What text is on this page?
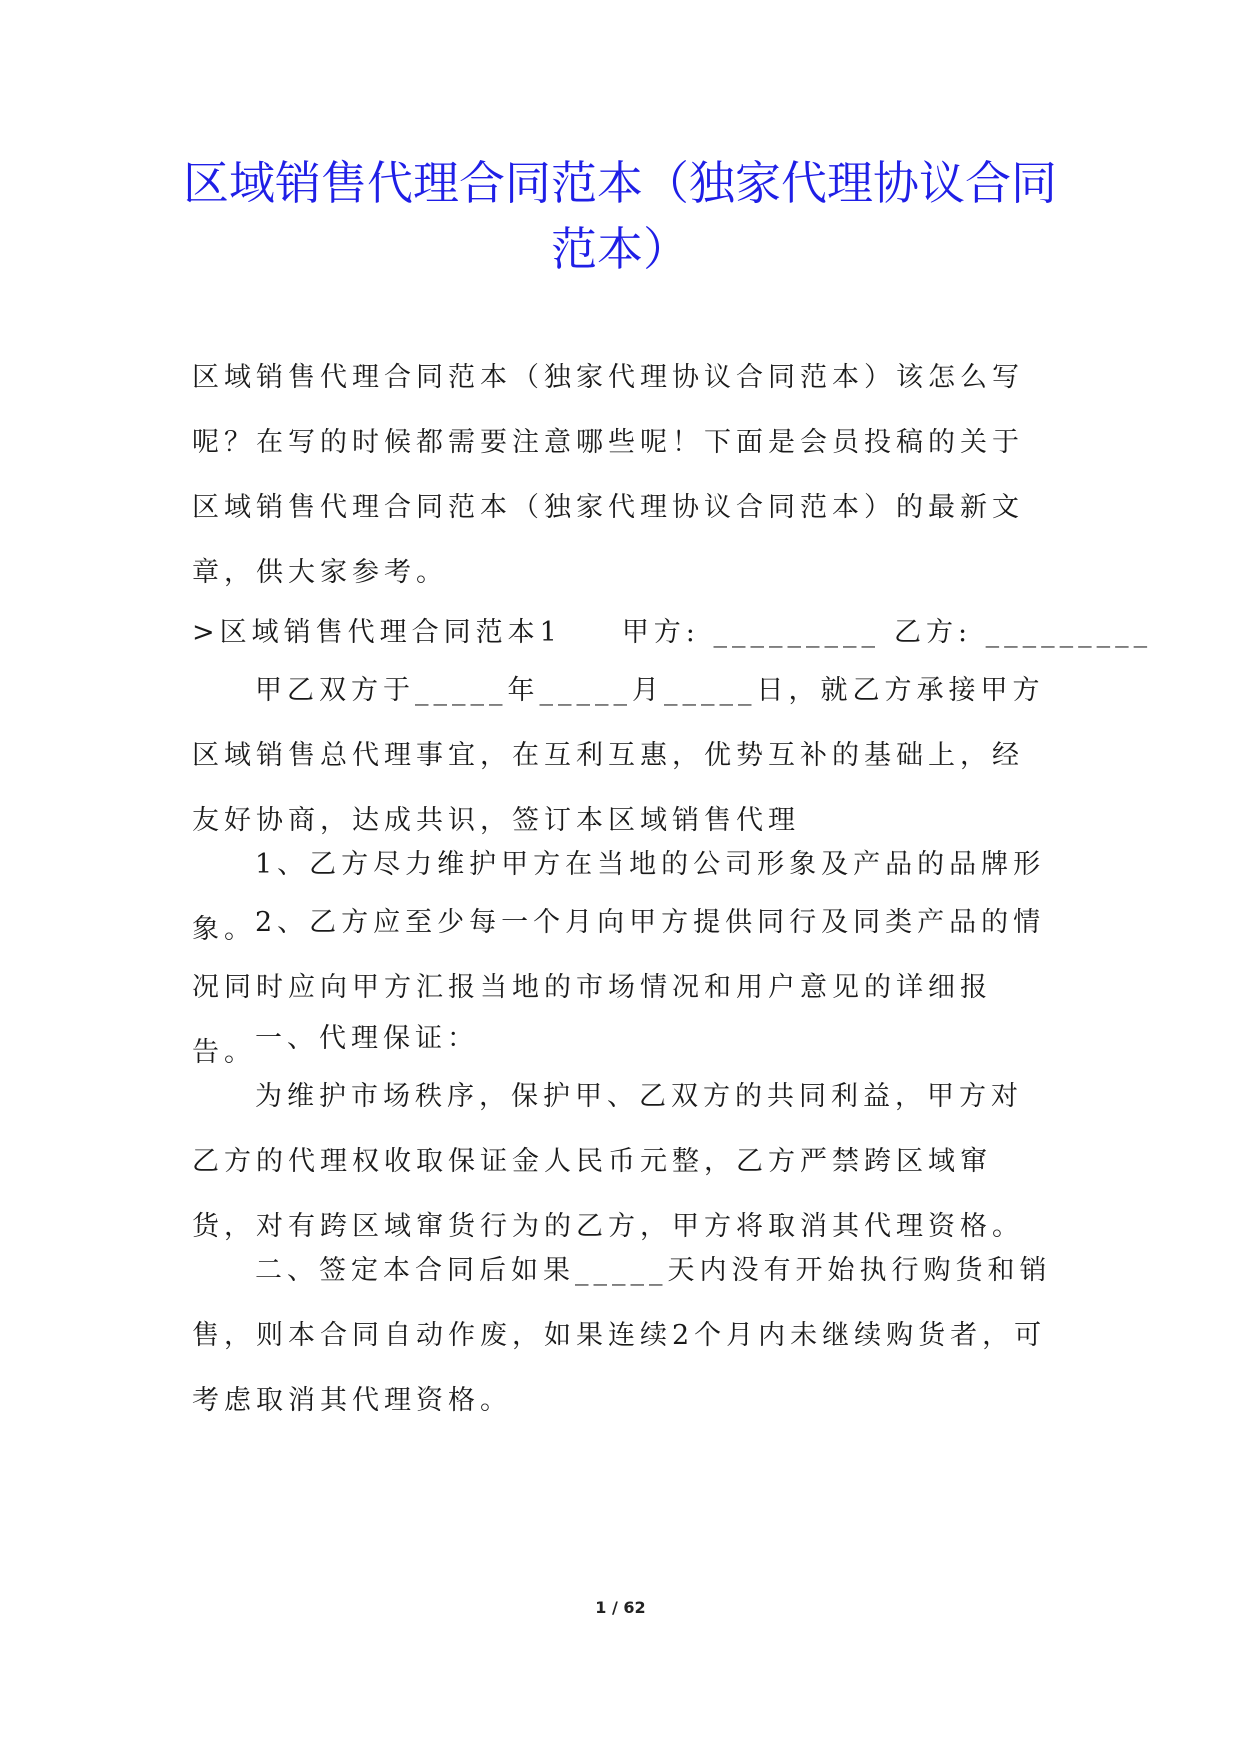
区域销售代理合同范本（独家代理协议合同范本）

区域销售代理合同范本（独家代理协议合同范本）该怎么写呢？在写的时候都需要注意哪些呢！下面是会员投稿的关于区域销售代理合同范本（独家代理协议合同范本）的最新文章，供大家参考。

>区域销售代理合同范本1 甲方: _________ 乙方: _________

甲乙双方于_____年_____月_____日，就乙方承接甲方区域销售总代理事宜，在互利互惠，优势互补的基础上，经友好协商，达成共识，签订本区域销售代理

1、乙方尽力维护甲方在当地的公司形象及产品的品牌形象。 2、乙方应至少每一个月向甲方提供同行及同类产品的情况同时应向甲方汇报当地的市场情况和用户意见的详细报告。 一、代理保证：

为维护市场秩序，保护甲、乙双方的共同利益，甲方对乙方的代理权收取保证金人民币元整，乙方严禁跨区域窜货，对有跨区域窜货行为的乙方，甲方将取消其代理资格。

二、签定本合同后如果_____天内没有开始执行购货和销售，则本合同自动作废，如果连续2个月内未继续购货者，可考虑取消其代理资格。

1 / 62
